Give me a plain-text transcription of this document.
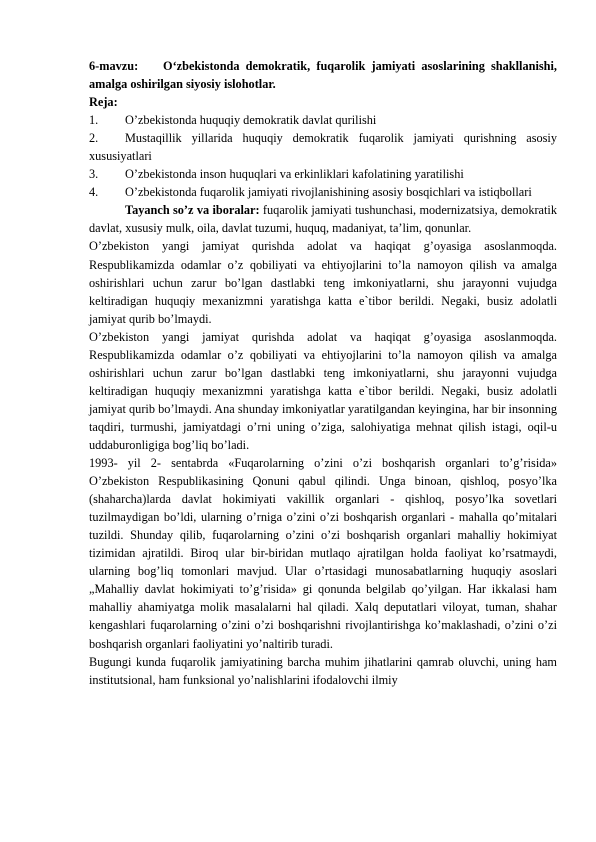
6-mavzu: O‘zbekistonda demokratik, fuqarolik jamiyati asoslarining shakllanishi, amalga oshirilgan siyosiy islohotlar.

Reja:

1. O’zbekistonda huquqiy demokratik davlat qurilishi

2. Mustaqillik yillarida huquqiy demokratik fuqarolik jamiyati qurishning asosiy xususiyatlari

3. O’zbekistonda inson huquqlari va erkinliklari kafolatining yaratilishi

4. O’zbekistonda fuqarolik jamiyati rivojlanishining asosiy bosqichlari va istiqbollari

Tayanch so’z va iboralar: fuqarolik jamiyati tushunchasi, modernizatsiya, demokratik davlat, xususiy mulk, oila, davlat tuzumi, huquq, madaniyat, ta’lim, qonunlar.

O’zbekiston yangi jamiyat qurishda adolat va haqiqat g’oyasiga asoslanmoqda. Respublikamizda odamlar o’z qobiliyati va ehtiyojlarini to’la namoyon qilish va amalga oshirishlari uchun zarur bo’lgan dastlabki teng imkoniyatlarni, shu jarayonni vujudga keltiradigan huquqiy mexanizmni yaratishga katta e`tibor berildi. Negaki, busiz adolatli jamiyat qurib bo’lmaydi.

O’zbekiston yangi jamiyat qurishda adolat va haqiqat g’oyasiga asoslanmoqda. Respublikamizda odamlar o’z qobiliyati va ehtiyojlarini to’la namoyon qilish va amalga oshirishlari uchun zarur bo’lgan dastlabki teng imkoniyatlarni, shu jarayonni vujudga keltiradigan huquqiy mexanizmni yaratishga katta e`tibor berildi. Negaki, busiz adolatli jamiyat qurib bo’lmaydi. Ana shunday imkoniyatlar yaratilgandan keyingina, har bir insonning taqdiri, turmushi, jamiyatdagi o’rni uning o’ziga, salohiyatiga mehnat qilish istagi, oqil-u uddaburonligiga bog’liq bo’ladi.

1993- yil 2- sentabrda «Fuqarolarning o’zini o’zi boshqarish organlari to’g’risida» O’zbekiston Respublikasining Qonuni qabul qilindi. Unga binoan, qishloq, posyo’lka (shaharcha)larda davlat hokimiyati vakillik organlari - qishloq, posyo’lka sovetlari tuzilmaydigan bo’ldi, ularning o’rniga o’zini o’zi boshqarish organlari - mahalla qo’mitalari tuzildi. Shunday qilib, fuqarolarning o’zini o’zi boshqarish organlari mahalliy hokimiyat tizimidan ajratildi. Biroq ular bir-biridan mutlaqo ajratilgan holda faoliyat ko’rsatmaydi, ularning bog’liq tomonlari mavjud. Ular o’rtasidagi munosabatlarning huquqiy asoslari „Mahalliy davlat hokimiyati to’g’risida» gi qonunda belgilab qo’yilgan. Har ikkalasi ham mahalliy ahamiyatga molik masalalarni hal qiladi. Xalq deputatlari viloyat, tuman, shahar kengashlari fuqarolarning o’zini o’zi boshqarishni rivojlantirishga ko’maklashadi, o’zini o’zi boshqarish organlari faoliyatini yo’naltirib turadi.

Bugungi kunda fuqarolik jamiyatining barcha muhim jihatlarini qamrab oluvchi, uning ham institutsional, ham funksional yo’nalishlarini ifodalovchi ilmiy
